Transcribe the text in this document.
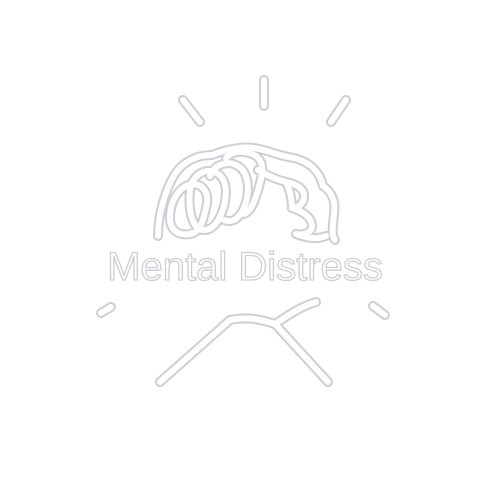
Mental Distress
